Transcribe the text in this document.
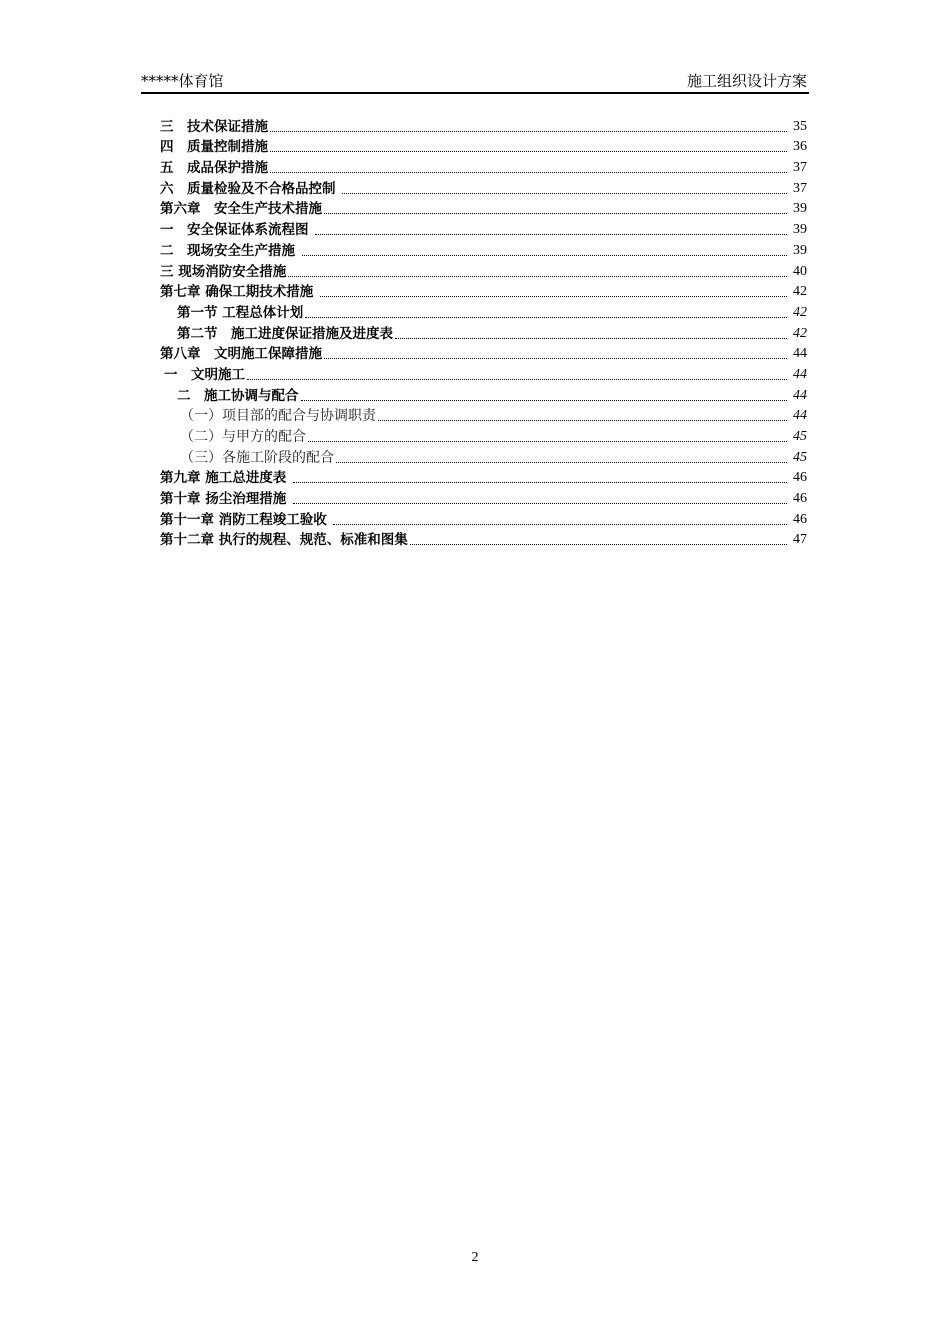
*****体育馆	施工组织设计方案
三　技术保证措施	35
四　质量控制措施	36
五　成品保护措施	37
六　质量检验及不合格品控制	37
第六章　安全生产技术措施	39
一　安全保证体系流程图	39
二　现场安全生产措施	39
三 现场消防安全措施	40
第七章 确保工期技术措施	42
第一节 工程总体计划	42
第二节　施工进度保证措施及进度表	42
第八章　文明施工保障措施	44
一　文明施工	44
二　施工协调与配合	44
（一）项目部的配合与协调职责	44
（二）与甲方的配合	45
（三）各施工阶段的配合	45
第九章 施工总进度表	46
第十章 扬尘治理措施	46
第十一章 消防工程竣工验收	46
第十二章 执行的规程、规范、标准和图集	47
2
